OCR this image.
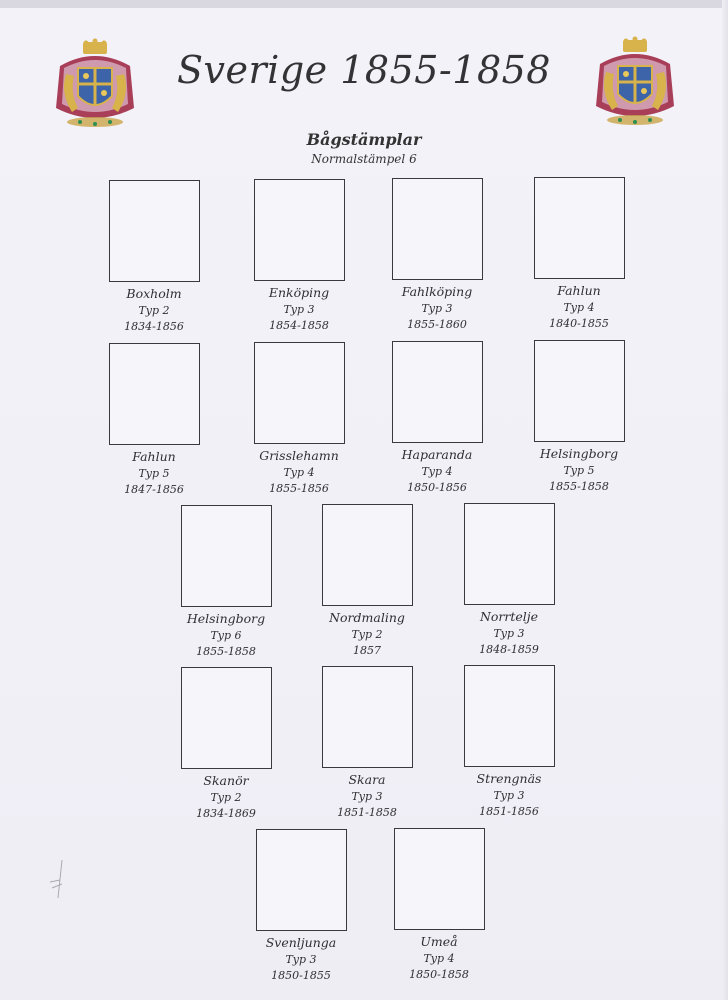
Sverige 1855-1858
Bågstämplar
Normalstämpel 6
Boxholm
Typ 2
1834-1856
Enköping
Typ 3
1854-1858
Fahlköping
Typ 3
1855-1860
Fahlun
Typ 4
1840-1855
Fahlun
Typ 5
1847-1856
Grisslehamn
Typ 4
1855-1856
Haparanda
Typ 4
1850-1856
Helsingborg
Typ 5
1855-1858
Helsingborg
Typ 6
1855-1858
Nordmaling
Typ 2
1857
Norrtelje
Typ 3
1848-1859
Skanör
Typ 2
1834-1869
Skara
Typ 3
1851-1858
Strengnäs
Typ 3
1851-1856
Svenljunga
Typ 3
1850-1855
Umeå
Typ 4
1850-1858
